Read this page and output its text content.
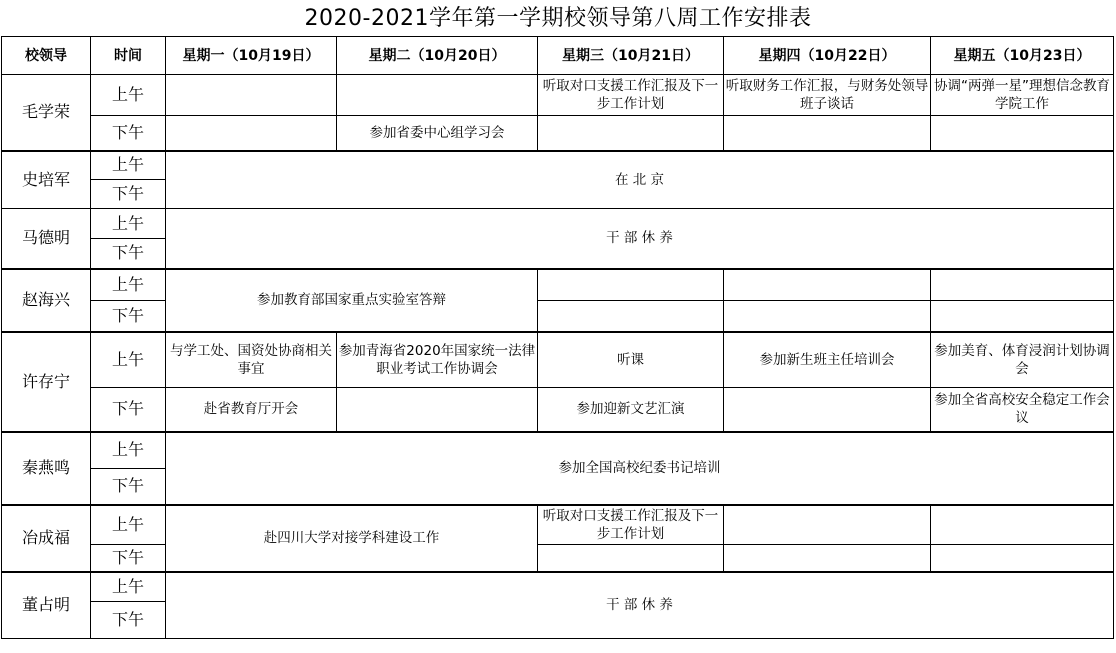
2020-2021学年第一学期校领导第八周工作安排表
校领导	时间	星期一（10月19日）	星期二（10月20日）	星期三（10月21日）	星期四（10月22日）	星期五（10月23日）
毛学荣	上午			听取对口支援工作汇报及下一步工作计划	听取财务工作汇报，与财务处领导班子谈话	协调“两弹一星”理想信念教育学院工作
	下午		参加省委中心组学习会			
史培军	上午	在 北 京				
	下午					
马德明	上午	干 部 休 养				
	下午					
赵海兴	上午	参加教育部国家重点实验室答辩				
	下午					
许存宁	上午	与学工处、国资处协商相关事宜	参加青海省2020年国家统一法律职业考试工作协调会	听课	参加新生班主任培训会	参加美育、体育浸润计划协调会
	下午	赴省教育厅开会		参加迎新文艺汇演		参加全省高校安全稳定工作会议
秦燕鸣	上午	参加全国高校纪委书记培训				
	下午					
冶成福	上午	赴四川大学对接学科建设工作		听取对口支援工作汇报及下一步工作计划		
	下午					
董占明	上午	干 部 休 养				
	下午					
